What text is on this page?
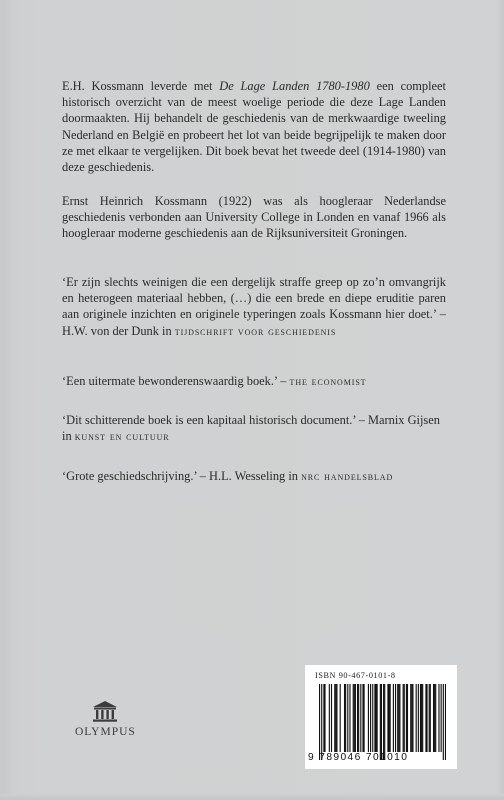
E.H. Kossmann leverde met De Lage Landen 1780-1980 een compleet historisch overzicht van de meest woelige periode die deze Lage Landen doormaakten. Hij behandelt de geschiedenis van de merkwaardige tweeling Nederland en België en probeert het lot van beide begrijpelijk te maken door ze met elkaar te vergelijken. Dit boek bevat het tweede deel (1914-1980) van deze geschiedenis.

Ernst Heinrich Kossmann (1922) was als hoogleraar Nederlandse geschiedenis verbonden aan University College in Londen en vanaf 1966 als hoogleraar moderne geschiedenis aan de Rijksuniversiteit Groningen.

‘Er zijn slechts weinigen die een dergelijk straffe greep op zo’n omvangrijk en heterogeen materiaal hebben, (…) die een brede en diepe eruditie paren aan originele inzichten en originele typeringen zoals Kossmann hier doet.’ – H.W. von der Dunk in tijdschrift voor geschiedenis

‘Een uitermate bewonderenswaardig boek.’ – the economist

‘Dit schitterende boek is een kapitaal historisch document.’ – Marnix Gijsen in kunst en cultuur

‘Grote geschiedschrijving.’ – H.L. Wesseling in nrc handelsblad

OLYMPUS
ISBN 90-467-0101-8
9 789046 701010
